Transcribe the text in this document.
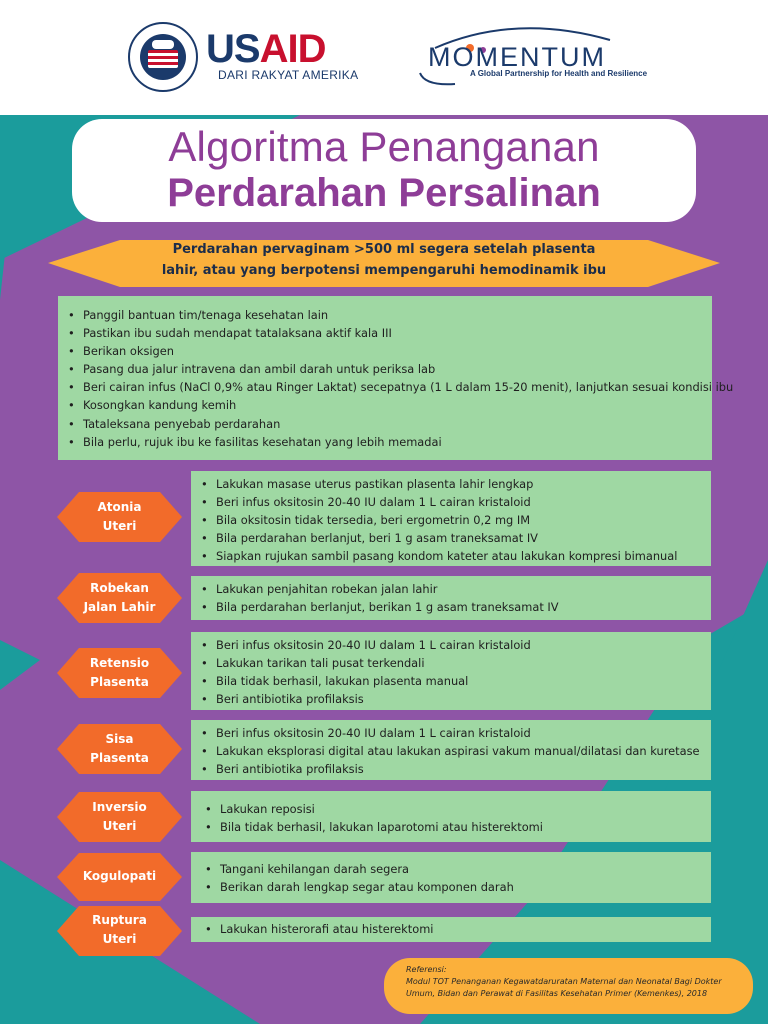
USAID
DARI RAKYAT AMERIKA
MOMENTUM
A Global Partnership for Health and Resilience
Algoritma Penanganan
Perdarahan Persalinan
Perdarahan pervaginam >500 ml segera setelah plasenta
lahir, atau yang berpotensi mempengaruhi hemodinamik ibu
• Panggil bantuan tim/tenaga kesehatan lain
• Pastikan ibu sudah mendapat tatalaksana aktif kala III
• Berikan oksigen
• Pasang dua jalur intravena dan ambil darah untuk periksa lab
• Beri cairan infus (NaCl 0,9% atau Ringer Laktat) secepatnya (1 L dalam 15-20 menit), lanjutkan sesuai kondisi ibu
• Kosongkan kandung kemih
• Tataleksana penyebab perdarahan
• Bila perlu, rujuk ibu ke fasilitas kesehatan yang lebih memadai
Atonia
Uteri
• Lakukan masase uterus pastikan plasenta lahir lengkap
• Beri infus oksitosin 20-40 IU dalam 1 L cairan kristaloid
• Bila oksitosin tidak tersedia, beri ergometrin 0,2 mg IM
• Bila perdarahan berlanjut, beri 1 g asam traneksamat IV
• Siapkan rujukan sambil pasang kondom kateter atau lakukan kompresi bimanual
Robekan
Jalan Lahir
• Lakukan penjahitan robekan jalan lahir
• Bila perdarahan berlanjut, berikan 1 g asam traneksamat IV
Retensio
Plasenta
• Beri infus oksitosin 20-40 IU dalam 1 L cairan kristaloid
• Lakukan tarikan tali pusat terkendali
• Bila tidak berhasil, lakukan plasenta manual
• Beri antibiotika profilaksis
Sisa
Plasenta
• Beri infus oksitosin 20-40 IU dalam 1 L cairan kristaloid
• Lakukan eksplorasi digital atau lakukan aspirasi vakum manual/dilatasi dan kuretase
• Beri antibiotika profilaksis
Inversio
Uteri
• Lakukan reposisi
• Bila tidak berhasil, lakukan laparotomi atau histerektomi
Kogulopati
•	Tangani kehilangan darah segera
• Berikan darah lengkap segar atau komponen darah
Ruptura
Uteri
• Lakukan histerorafi atau histerektomi
Referensi:
Modul TOT Penanganan Kegawatdaruratan Maternal dan Neonatal Bagi Dokter
Umum, Bidan dan Perawat di Fasilitas Kesehatan Primer (Kemenkes), 2018
